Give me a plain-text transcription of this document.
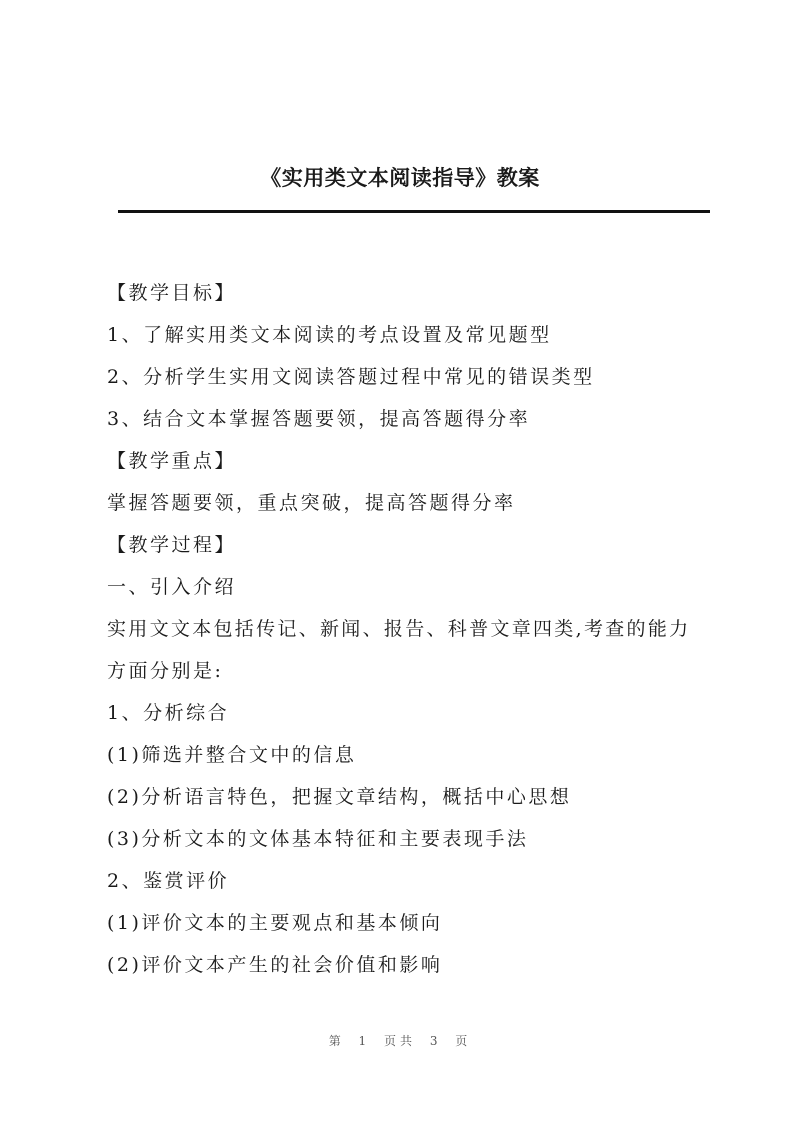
《实用类文本阅读指导》教案
【教学目标】
1、了解实用类文本阅读的考点设置及常见题型
2、分析学生实用文阅读答题过程中常见的错误类型
3、结合文本掌握答题要领，提高答题得分率
【教学重点】
掌握答题要领，重点突破，提高答题得分率
【教学过程】
一、引入介绍
实用文文本包括传记、新闻、报告、科普文章四类,考查的能力
方面分别是:
1、分析综合
(1)筛选并整合文中的信息
(2)分析语言特色，把握文章结构，概括中心思想
(3)分析文本的文体基本特征和主要表现手法
2、鉴赏评价
(1)评价文本的主要观点和基本倾向
(2)评价文本产生的社会价值和影响
第 1 页共 3 页
